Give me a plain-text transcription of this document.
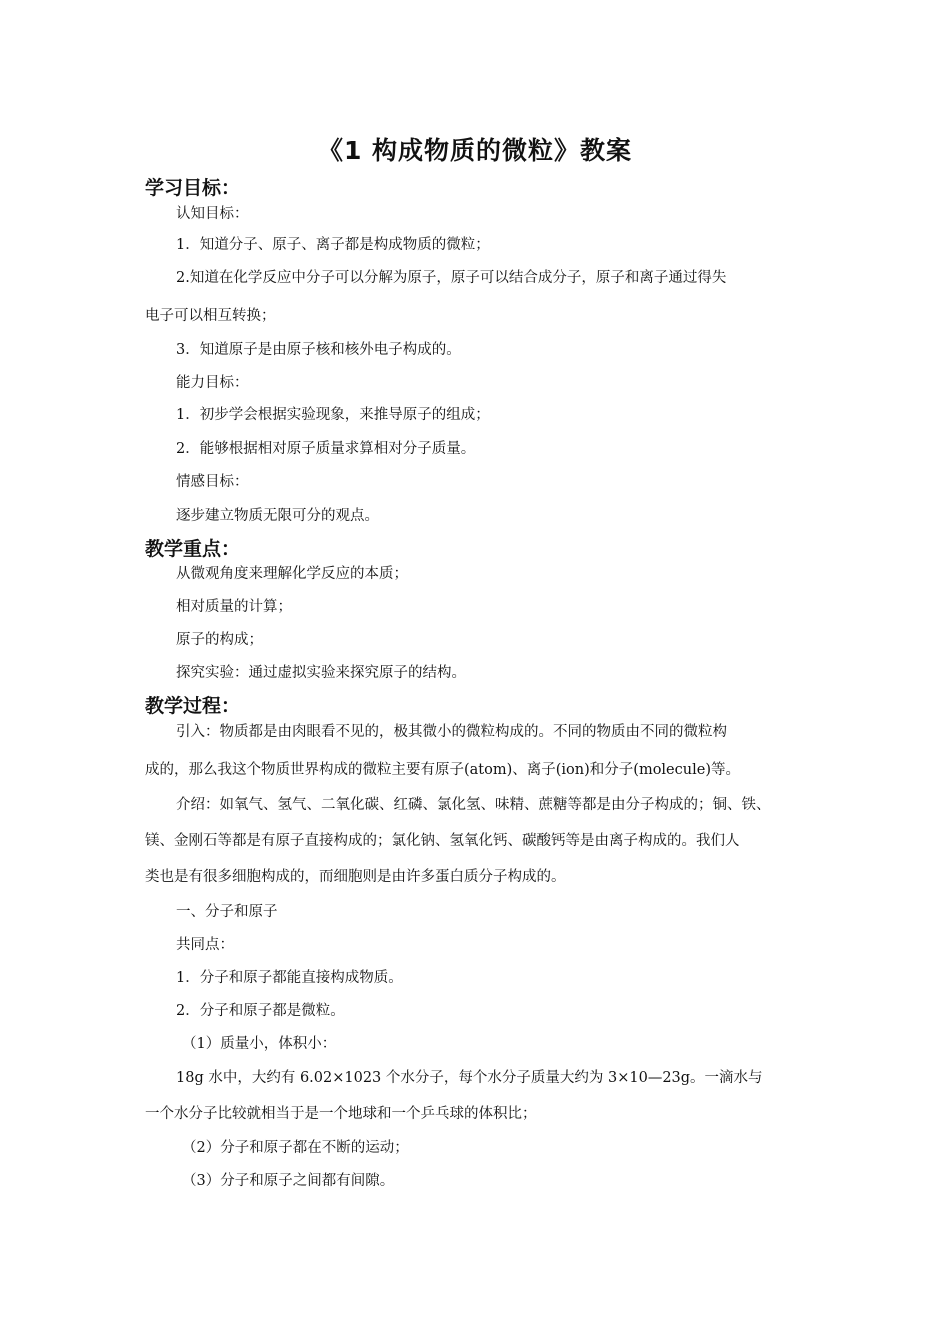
《1 构成物质的微粒》教案
学习目标：
认知目标：
1．知道分子、原子、离子都是构成物质的微粒；
2.知道在化学反应中分子可以分解为原子，原子可以结合成分子，原子和离子通过得失
电子可以相互转换；
3．知道原子是由原子核和核外电子构成的。
能力目标：
1．初步学会根据实验现象，来推导原子的组成；
2．能够根据相对原子质量求算相对分子质量。
情感目标：
逐步建立物质无限可分的观点。
教学重点：
从微观角度来理解化学反应的本质；
相对质量的计算；
原子的构成；
探究实验：通过虚拟实验来探究原子的结构。
教学过程：
引入：物质都是由肉眼看不见的，极其微小的微粒构成的。不同的物质由不同的微粒构
成的，那么我这个物质世界构成的微粒主要有原子(atom)、离子(ion)和分子(molecule)等。
介绍：如氧气、氢气、二氧化碳、红磷、氯化氢、味精、蔗糖等都是由分子构成的；铜、铁、
镁、金刚石等都是有原子直接构成的；氯化钠、氢氧化钙、碳酸钙等是由离子构成的。我们人
类也是有很多细胞构成的，而细胞则是由许多蛋白质分子构成的。
一、分子和原子
共同点：
1．分子和原子都能直接构成物质。
2．分子和原子都是微粒。
（1）质量小，体积小：
18g 水中，大约有 6.02×1023 个水分子，每个水分子质量大约为 3×10—23g。一滴水与
一个水分子比较就相当于是一个地球和一个乒乓球的体积比；
（2）分子和原子都在不断的运动；
（3）分子和原子之间都有间隙。
